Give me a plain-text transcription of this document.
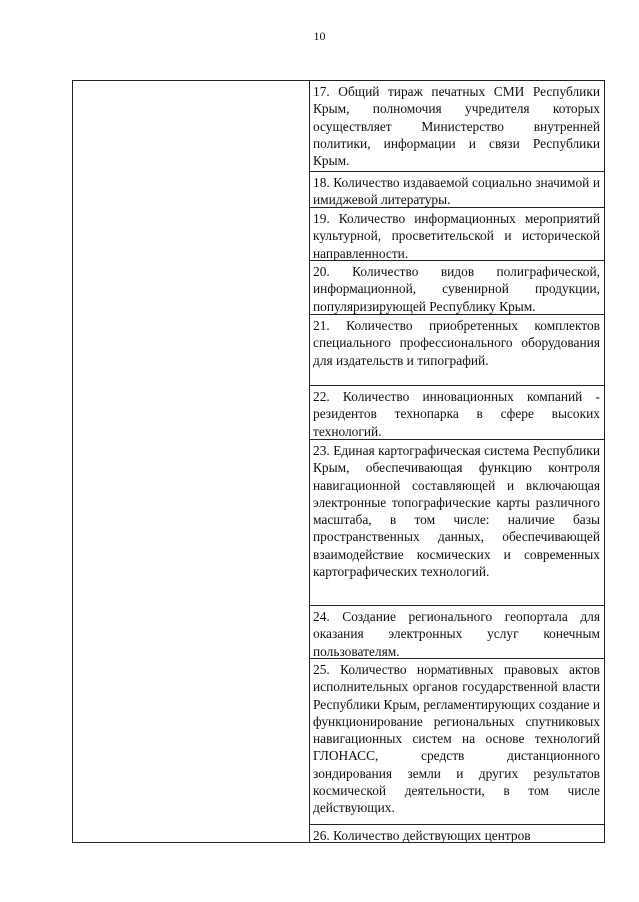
10
17. Общий тираж печатных СМИ Республики Крым, полномочия учредителя которых осуществляет Министерство внутренней политики, информации и связи Республики Крым.
18. Количество издаваемой социально значимой и имиджевой литературы.
19. Количество информационных мероприятий культурной, просветительской и исторической направленности.
20. Количество видов полиграфической, информационной, сувенирной продукции, популяризирующей Республику Крым.
21. Количество приобретенных комплектов специального профессионального оборудования для издательств и типографий.
22. Количество инновационных компаний - резидентов технопарка в сфере высоких технологий.
23. Единая картографическая система Республики Крым, обеспечивающая функцию контроля навигационной составляющей и включающая электронные топографические карты различного масштаба, в том числе: наличие базы пространственных данных, обеспечивающей взаимодействие космических и современных картографических технологий.
24. Создание регионального геопортала для оказания электронных услуг конечным пользователям.
25. Количество нормативных правовых актов исполнительных органов государственной власти Республики Крым, регламентирующих создание и функционирование региональных спутниковых навигационных систем на основе технологий ГЛОНАСС, средств дистанционного зондирования земли и других результатов космической деятельности, в том числе действующих.
26. Количество действующих центров
